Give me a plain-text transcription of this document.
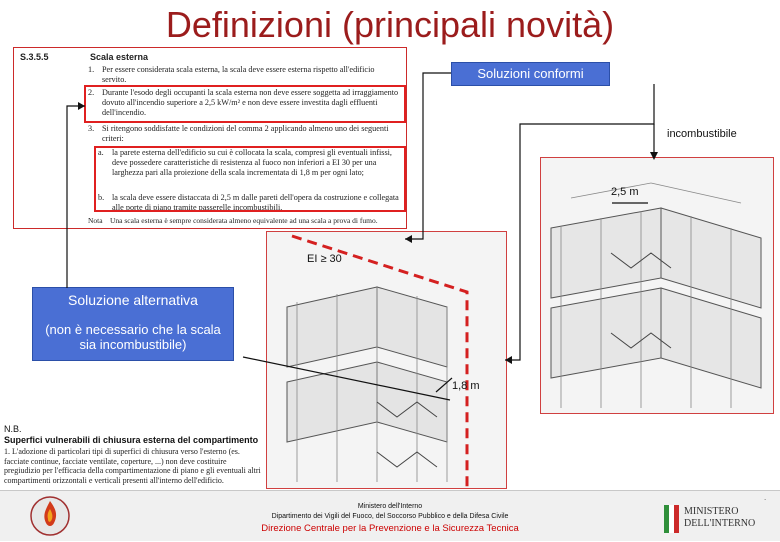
Definizioni (principali novità)
S.3.5.5	Scala esterna
1. Per essere considerata scala esterna, la scala deve essere esterna rispetto all'edificio servito.
2. Durante l'esodo degli occupanti la scala esterna non deve essere soggetta ad irraggiamento dovuto all'incendio superiore a 2,5 kW/m² e non deve essere investita dagli effluenti dell'incendio.
3. Si ritengono soddisfatte le condizioni del comma 2 applicando almeno uno dei seguenti criteri:
a. la parete esterna dell'edificio su cui è collocata la scala, compresi gli eventuali infissi, deve possedere caratteristiche di resistenza al fuoco non inferiori a EI 30 per una larghezza pari alla proiezione della scala incrementata di 1,8 m per ogni lato;
b. la scala deve essere distaccata di 2,5 m dalle pareti dell'opera da costruzione e collegata alle porte di piano tramite passerelle incombustibili.
Nota Una scala esterna è sempre considerata almeno equivalente ad una scala a prova di fumo.
Soluzioni conformi
Soluzione alternativa
(non è necessario che la scala sia incombustibile)
incombustibile
2,5 m
EI ≥ 30
1,8 m
N.B.
Superfici vulnerabili di chiusura esterna del compartimento
1. L'adozione di particolari tipi di superfici di chiusura verso l'esterno (es. facciate continue, facciate ventilate, coperture, ...) non deve costituire pregiudizio per l'efficacia della compartimentazione di piano e gli eventuali altri compartimenti orizzontali e verticali presenti all'interno dell'edificio.
Ministero dell'Interno
Dipartimento dei Vigili del Fuoco, del Soccorso Pubblico e della Difesa Civile
Direzione Centrale per la Prevenzione e la Sicurezza Tecnica
.
MINISTERO
DELL'INTERNO
